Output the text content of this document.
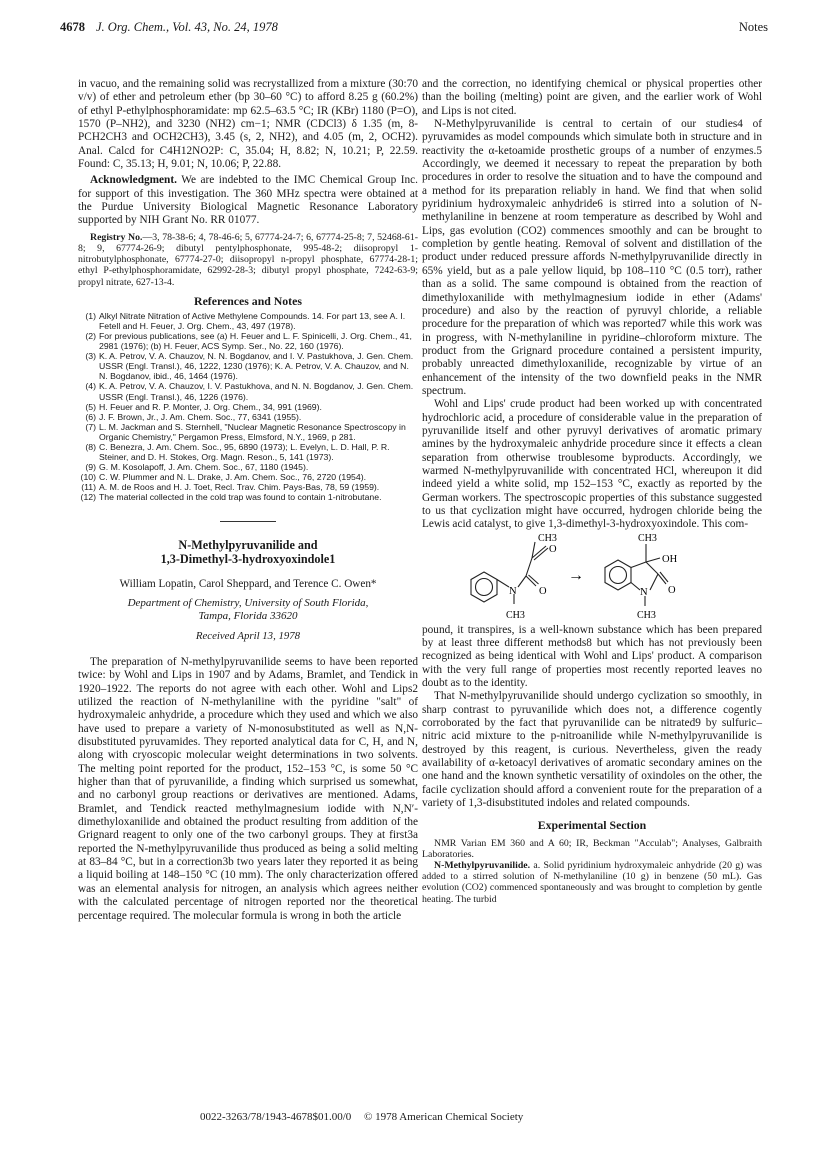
4678 J. Org. Chem., Vol. 43, No. 24, 1978	Notes

in vacuo, and the remaining solid was recrystallized from a mixture (30:70 v/v) of ether and petroleum ether (bp 30–60 °C) to afford 8.25 g (60.2%) of ethyl P-ethylphosphoramidate: mp 62.5–63.5 °C; IR (KBr) 1180 (P=O), 1570 (P–NH2), and 3230 (NH2) cm−1; NMR (CDCl3) δ 1.35 (m, 8-PCH2CH3 and OCH2CH3), 3.45 (s, 2, NH2), and 4.05 (m, 2, OCH2). Anal. Calcd for C4H12NO2P: C, 35.04; H, 8.82; N, 10.21; P, 22.59. Found: C, 35.13; H, 9.01; N, 10.06; P, 22.88.

Acknowledgment. We are indebted to the IMC Chemical Group Inc. for support of this investigation. The 360 MHz spectra were obtained at the Purdue University Biological Magnetic Resonance Laboratory supported by NIH Grant No. RR 01077.

Registry No.—3, 78-38-6; 4, 78-46-6; 5, 67774-24-7; 6, 67774-25-8; 7, 52468-61-8; 9, 67774-26-9; dibutyl pentylphosphonate, 995-48-2; diisopropyl 1-nitrobutylphosphonate, 67774-27-0; diisopropyl n-propyl phosphate, 67774-28-1; ethyl P-ethylphosphoramidate, 62992-28-3; dibutyl propyl phosphate, 7242-63-9; propyl nitrate, 627-13-4.

References and Notes

(1) Alkyl Nitrate Nitration of Active Methylene Compounds. 14. For part 13, see A. I. Fetell and H. Feuer, J. Org. Chem., 43, 497 (1978).
(2) For previous publications, see (a) H. Feuer and L. F. Spinicelli, J. Org. Chem., 41, 2981 (1976); (b) H. Feuer, ACS Symp. Ser., No. 22, 160 (1976).
(3) K. A. Petrov, V. A. Chauzov, N. N. Bogdanov, and I. V. Pastukhova, J. Gen. Chem. USSR (Engl. Transl.), 46, 1222, 1230 (1976); K. A. Petrov, V. A. Chauzov, and N. N. Bogdanov, ibid., 46, 1464 (1976).
(4) K. A. Petrov, V. A. Chauzov, I. V. Pastukhova, and N. N. Bogdanov, J. Gen. Chem. USSR (Engl. Transl.), 46, 1226 (1976).
(5) H. Feuer and R. P. Monter, J. Org. Chem., 34, 991 (1969).
(6) J. F. Brown, Jr., J. Am. Chem. Soc., 77, 6341 (1955).
(7) L. M. Jackman and S. Sternhell, "Nuclear Magnetic Resonance Spectroscopy in Organic Chemistry," Pergamon Press, Elmsford, N.Y., 1969, p 281.
(8) C. Benezra, J. Am. Chem. Soc., 95, 6890 (1973); L. Evelyn, L. D. Hall, P. R. Steiner, and D. H. Stokes, Org. Magn. Reson., 5, 141 (1973).
(9) G. M. Kosolapoff, J. Am. Chem. Soc., 67, 1180 (1945).
(10) C. W. Plummer and N. L. Drake, J. Am. Chem. Soc., 76, 2720 (1954).
(11) A. M. de Roos and H. J. Toet, Recl. Trav. Chim. Pays-Bas, 78, 59 (1959).
(12) The material collected in the cold trap was found to contain 1-nitrobutane.

N-Methylpyruvanilide and

1,3-Dimethyl-3-hydroxyoxindole1

William Lopatin, Carol Sheppard, and Terence C. Owen*

Department of Chemistry, University of South Florida,

Tampa, Florida 33620

Received April 13, 1978

The preparation of N-methylpyruvanilide seems to have been reported twice: by Wohl and Lips in 1907 and by Adams, Bramlet, and Tendick in 1920–1922. The reports do not agree with each other. Wohl and Lips2 utilized the reaction of N-methylaniline with the pyridine "salt" of hydroxymaleic anhydride, a procedure which they used and which we also have used to prepare a variety of N-monosubstituted as well as N,N-disubstituted pyruvamides. They reported analytical data for C, H, and N, along with cryoscopic molecular weight determinations in two solvents. The melting point reported for the product, 152–153 °C, is some 50 °C higher than that of pyruvanilide, a finding which surprised us somewhat, and no carbonyl group reactions or derivatives are mentioned. Adams, Bramlet, and Tendick reacted methylmagnesium iodide with N,N′-dimethyloxanilide and obtained the product resulting from addition of the Grignard reagent to only one of the two carbonyl groups. They at first3a reported the N-methylpyruvanilide thus produced as being a solid melting at 83–84 °C, but in a correction3b two years later they reported it as being a liquid boiling at 148–150 °C (10 mm). The only characterization offered was an elemental analysis for nitrogen, an analysis which agrees neither with the calculated percentage of nitrogen reported nor the theoretical percentage required. The molecular formula is wrong in both the article

and the correction, no identifying chemical or physical properties other than the boiling (melting) point are given, and the earlier work of Wohl and Lips is not cited.

N-Methylpyruvanilide is central to certain of our studies4 of pyruvamides as model compounds which simulate both in structure and in reactivity the α-ketoamide prosthetic groups of a number of enzymes.5 Accordingly, we deemed it necessary to repeat the preparation by both procedures in order to resolve the situation and to have the compound and a method for its preparation reliably in hand. We find that when solid pyridinium hydroxymaleic anhydride6 is stirred into a solution of N-methylaniline in benzene at room temperature as described by Wohl and Lips, gas evolution (CO2) commences smoothly and can be brought to completion by gentle heating. Removal of solvent and distillation of the product under reduced pressure affords N-methylpyruvanilide directly in 65% yield, but as a pale yellow liquid, bp 108–110 °C (0.5 torr), rather than as a solid. The same compound is obtained from the reaction of dimethyloxanilide with methylmagnesium iodide in ether (Adams' procedure) and also by the reaction of pyruvyl chloride, a reliable procedure for the preparation of which was reported7 while this work was in progress, with N-methylaniline in pyridine–chloroform mixture. The product from the Grignard procedure contained a persistent impurity, probably unreacted dimethyloxanilide, recognizable by virtue of an enhancement of the intensity of the two downfield peaks in the NMR spectrum.

Wohl and Lips' crude product had been worked up with concentrated hydrochloric acid, a procedure of considerable value in the preparation of pyruvanilide itself and other pyruvyl derivatives of aromatic primary amines by the hydroxymaleic anhydride procedure since it effects a clean separation from otherwise troublesome byproducts. Accordingly, we warmed N-methylpyruvanilide with concentrated HCl, whereupon it did indeed yield a white solid, mp 152–153 °C, exactly as reported by the German workers. The spectroscopic properties of this substance suggested to us that cyclization might have occurred, hydrogen chloride being the Lewis acid catalyst, to give 1,3-dimethyl-3-hydroxyoxindole. This com-

CH3
O
N O
CH3
→
CH3
OH
N O
CH3

pound, it transpires, is a well-known substance which has been prepared by at least three different methods8 but which has not previously been recognized as being identical with Wohl and Lips' product. A comparison with the very full range of properties most recently reported leaves no doubt as to the identity.

That N-methylpyruvanilide should undergo cyclization so smoothly, in sharp contrast to pyruvanilide which does not, a difference cogently corroborated by the fact that pyruvanilide can be nitrated9 by sulfuric–nitric acid mixture to the p-nitroanilide while N-methylpyruvanilide is destroyed by this reagent, is curious. Nevertheless, given the ready availability of α-ketoacyl derivatives of aromatic secondary amines on the one hand and the known synthetic versatility of oxindoles on the other, the facile cyclization should afford a convenient route for the preparation of a variety of 1,3-disubstituted indoles and related compounds.

Experimental Section

NMR Varian EM 360 and A 60; IR, Beckman "Acculab"; Analyses, Galbraith Laboratories.

N-Methylpyruvanilide. a. Solid pyridinium hydroxymaleic anhydride (20 g) was added to a stirred solution of N-methylaniline (10 g) in benzene (50 mL). Gas evolution (CO2) commenced spontaneously and was brought to completion by gentle heating. The turbid

0022-3263/78/1943-4678$01.00/0 © 1978 American Chemical Society
